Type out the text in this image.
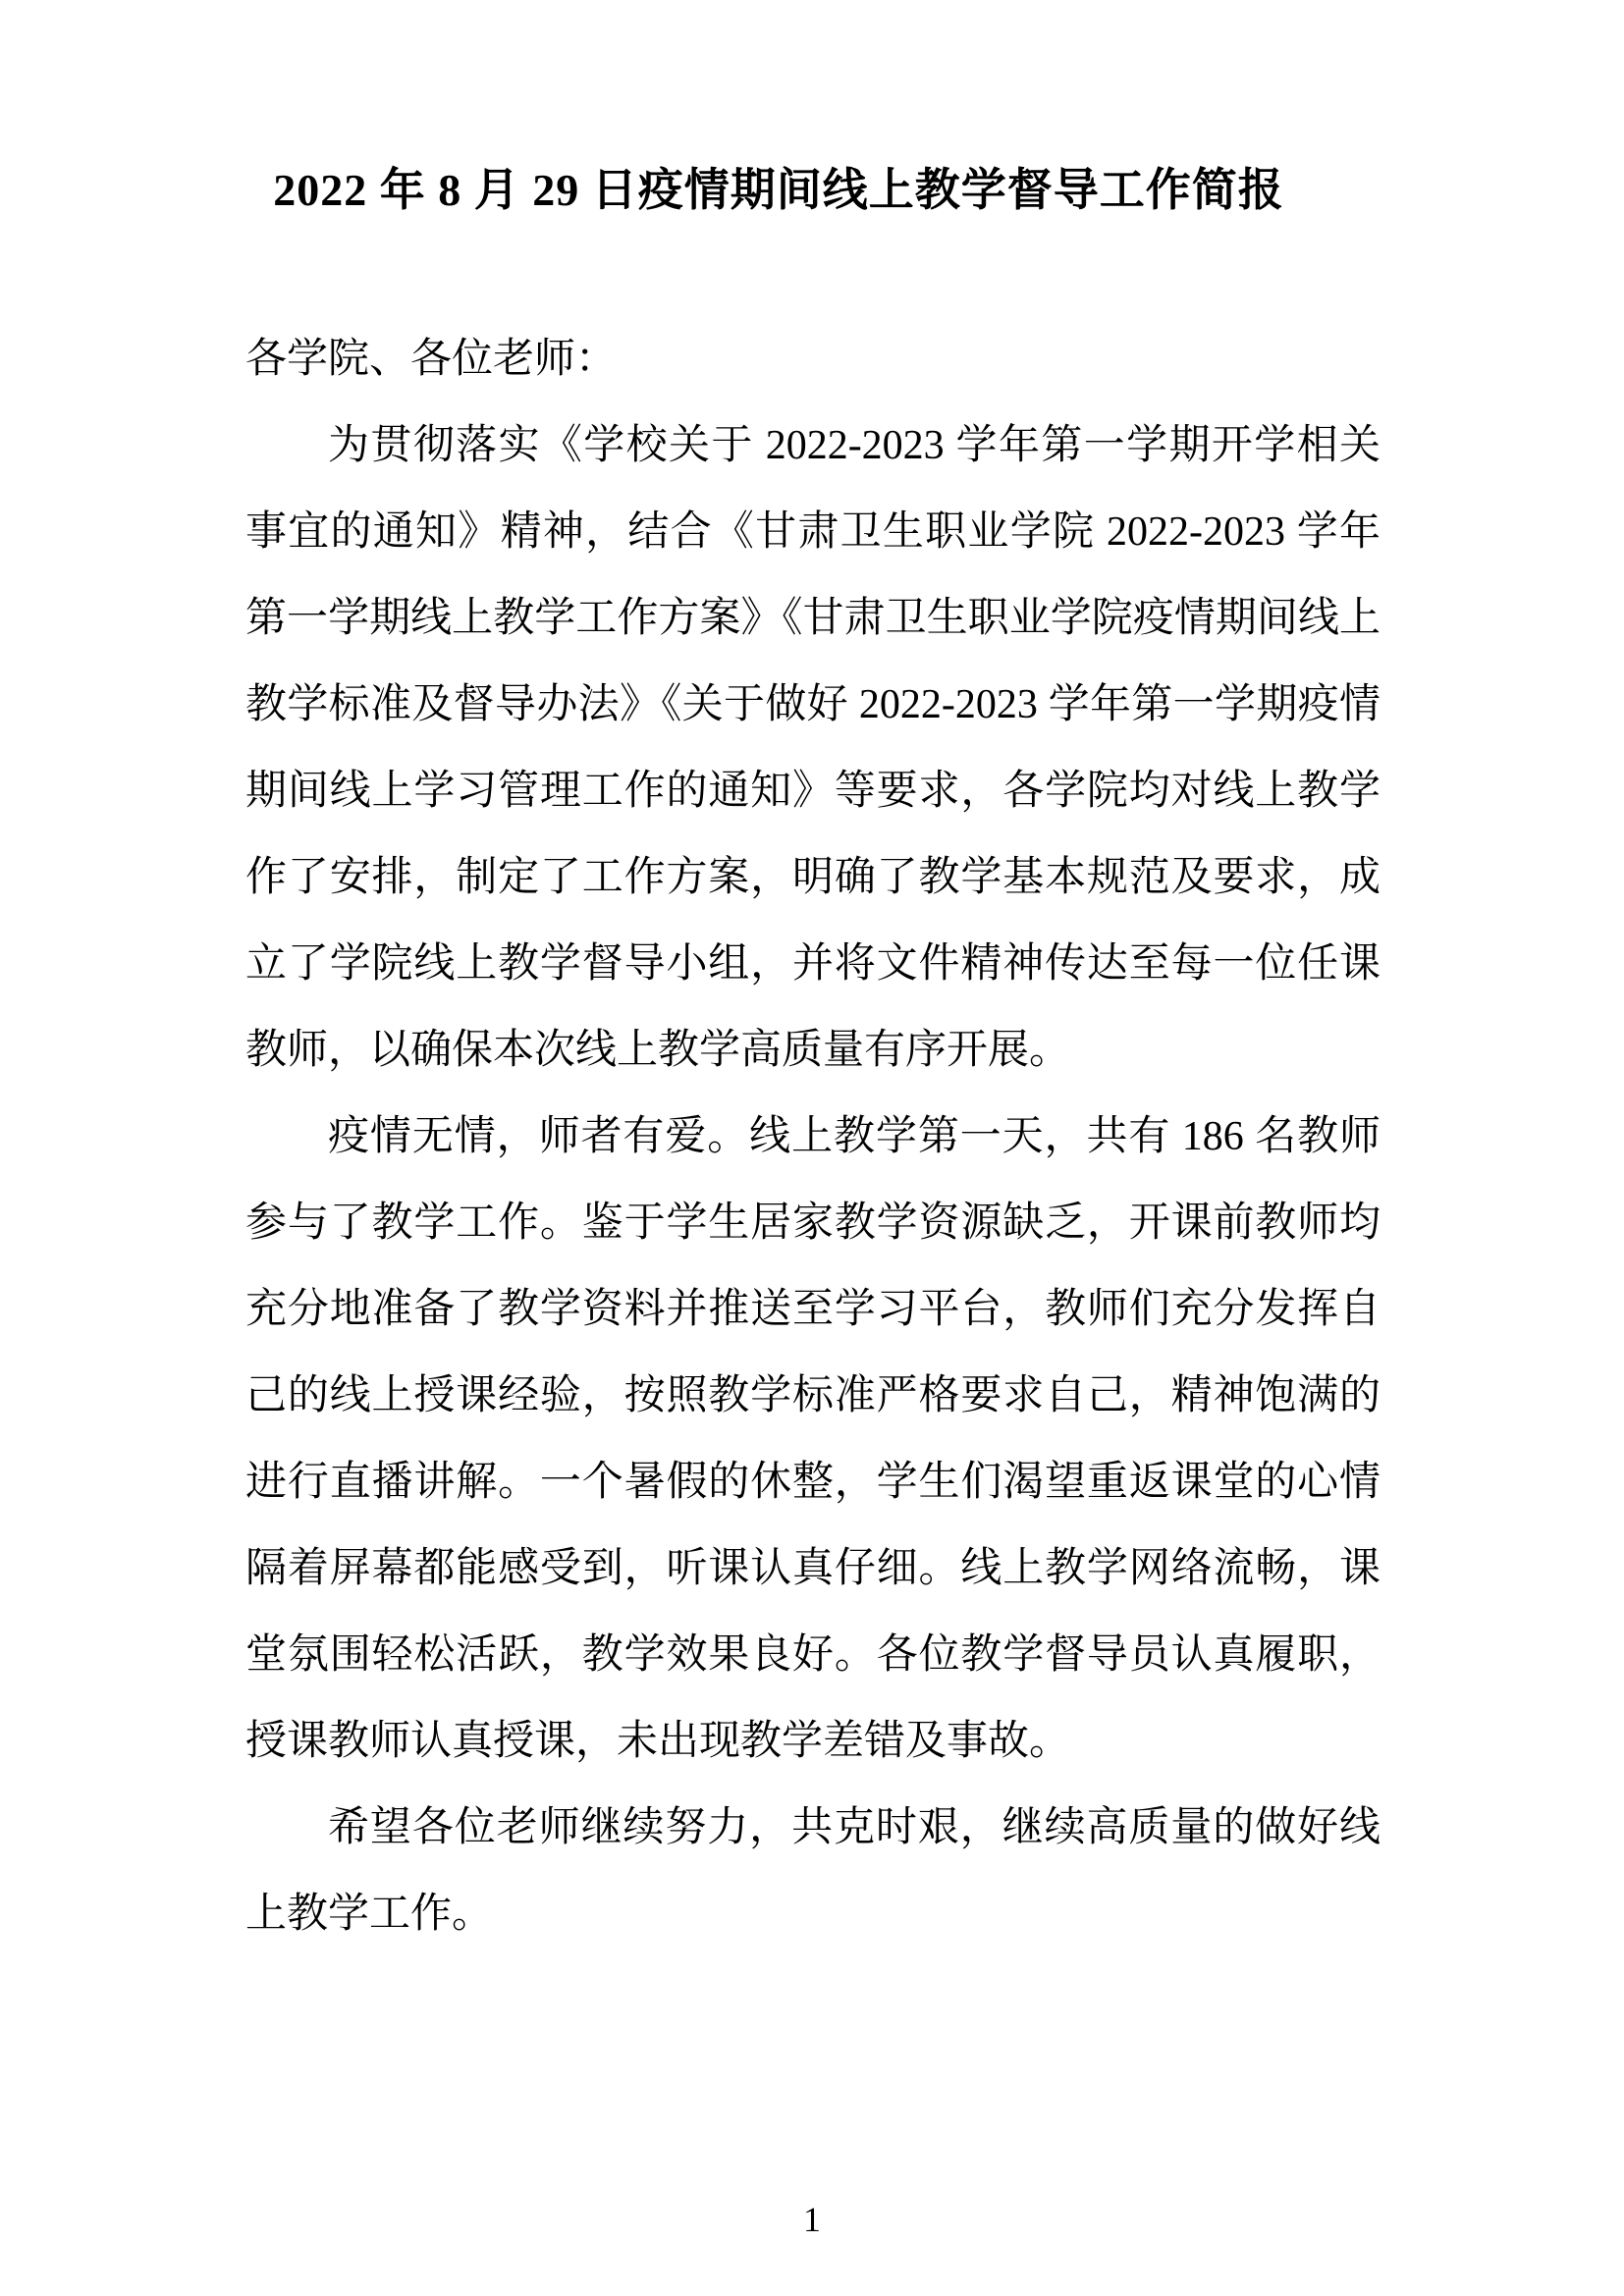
2022 年 8 月 29 日疫情期间线上教学督导工作简报

各学院、各位老师：

为贯彻落实《学校关于 2022-2023 学年第一学期开学相关事宜的通知》精神，结合《甘肃卫生职业学院 2022-2023 学年第一学期线上教学工作方案》《甘肃卫生职业学院疫情期间线上教学标准及督导办法》《关于做好 2022-2023 学年第一学期疫情期间线上学习管理工作的通知》等要求，各学院均对线上教学作了安排，制定了工作方案，明确了教学基本规范及要求，成立了学院线上教学督导小组，并将文件精神传达至每一位任课教师，以确保本次线上教学高质量有序开展。

疫情无情，师者有爱。线上教学第一天，共有 186 名教师参与了教学工作。鉴于学生居家教学资源缺乏，开课前教师均充分地准备了教学资料并推送至学习平台，教师们充分发挥自己的线上授课经验，按照教学标准严格要求自己，精神饱满的进行直播讲解。一个暑假的休整，学生们渴望重返课堂的心情隔着屏幕都能感受到，听课认真仔细。线上教学网络流畅，课堂氛围轻松活跃，教学效果良好。各位教学督导员认真履职，授课教师认真授课，未出现教学差错及事故。

希望各位老师继续努力，共克时艰，继续高质量的做好线上教学工作。

1
